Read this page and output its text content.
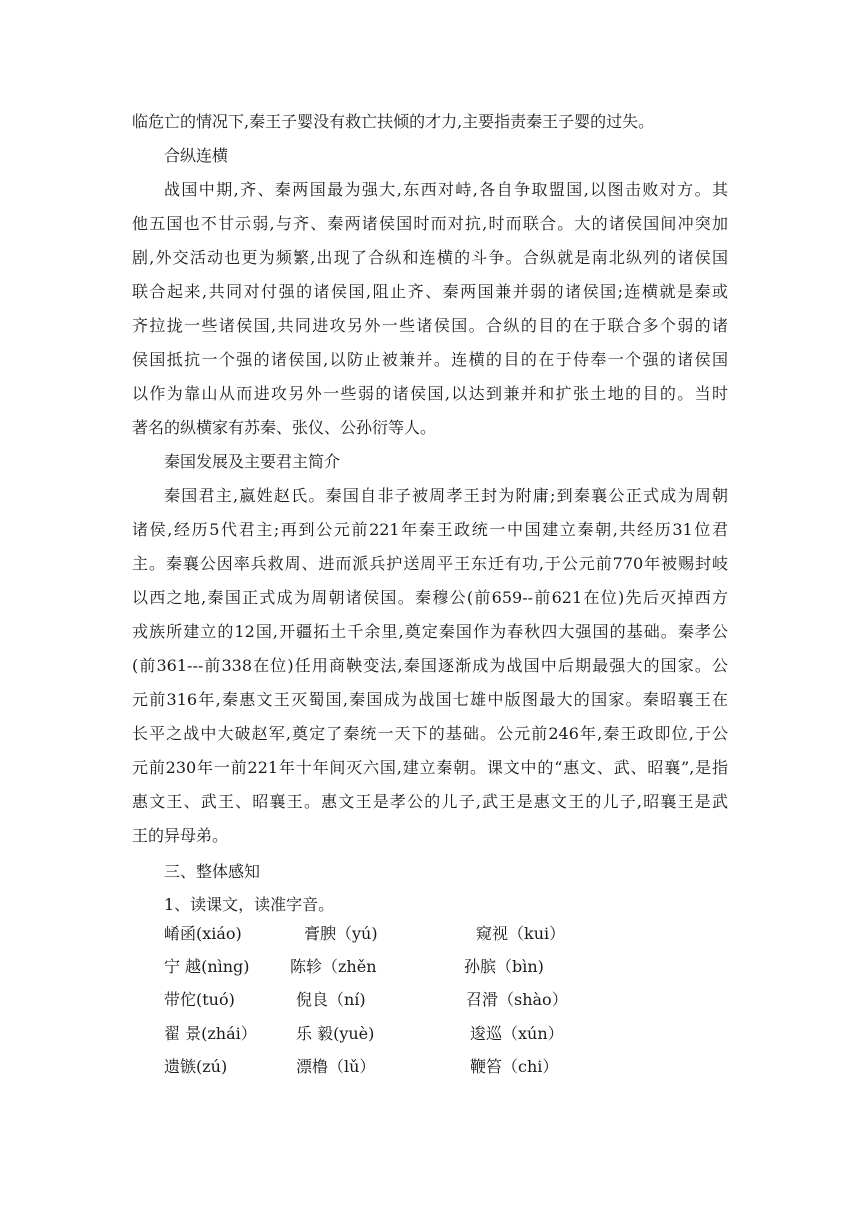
临危亡的情况下,秦王子婴没有救亡扶倾的才力,主要指责秦王子婴的过失。
合纵连横
战国中期,齐、秦两国最为强大,东西对峙,各自争取盟国,以图击败对方。其
他五国也不甘示弱,与齐、秦两诸侯国时而对抗,时而联合。大的诸侯国间冲突加
剧,外交活动也更为频繁,出现了合纵和连横的斗争。合纵就是南北纵列的诸侯国
联合起来,共同对付强的诸侯国,阻止齐、秦两国兼并弱的诸侯国;连横就是秦或
齐拉拢一些诸侯国,共同进攻另外一些诸侯国。合纵的目的在于联合多个弱的诸
侯国抵抗一个强的诸侯国,以防止被兼并。连横的目的在于侍奉一个强的诸侯国
以作为靠山从而进攻另外一些弱的诸侯国,以达到兼并和扩张土地的目的。当时
著名的纵横家有苏秦、张仪、公孙衍等人。
秦国发展及主要君主简介
秦国君主,嬴姓赵氏。秦国自非子被周孝王封为附庸;到秦襄公正式成为周朝
诸侯,经历5代君主;再到公元前221年秦王政统一中国建立秦朝,共经历31位君
主。秦襄公因率兵救周、进而派兵护送周平王东迁有功,于公元前770年被赐封岐
以西之地,秦国正式成为周朝诸侯国。秦穆公(前659--前621在位)先后灭掉西方
戎族所建立的12国,开疆拓土千余里,奠定秦国作为春秋四大强国的基础。秦孝公
(前361---前338在位)任用商鞅变法,秦国逐渐成为战国中后期最强大的国家。公
元前316年,秦惠文王灭蜀国,秦国成为战国七雄中版图最大的国家。秦昭襄王在
长平之战中大破赵军,奠定了秦统一天下的基础。公元前246年,秦王政即位,于公
元前230年一前221年十年间灭六国,建立秦朝。课文中的“惠文、武、昭襄”,是指
惠文王、武王、昭襄王。惠文王是孝公的儿子,武王是惠文王的儿子,昭襄王是武
王的异母弟。
三、整体感知
1、读课文，读准字音。
崤函(xiáo)	膏腴（yú)	窥视（kui）
宁 越(nìng)	陈轸（zhěn	孙膑（bìn)
带佗(tuó)	倪良（ní)	召滑（shào）
翟 景(zhái） 乐 毅(yuè)	逡巡（xún）
遗镞(zú)	漂橹（lǔ）	鞭笞（chi）
